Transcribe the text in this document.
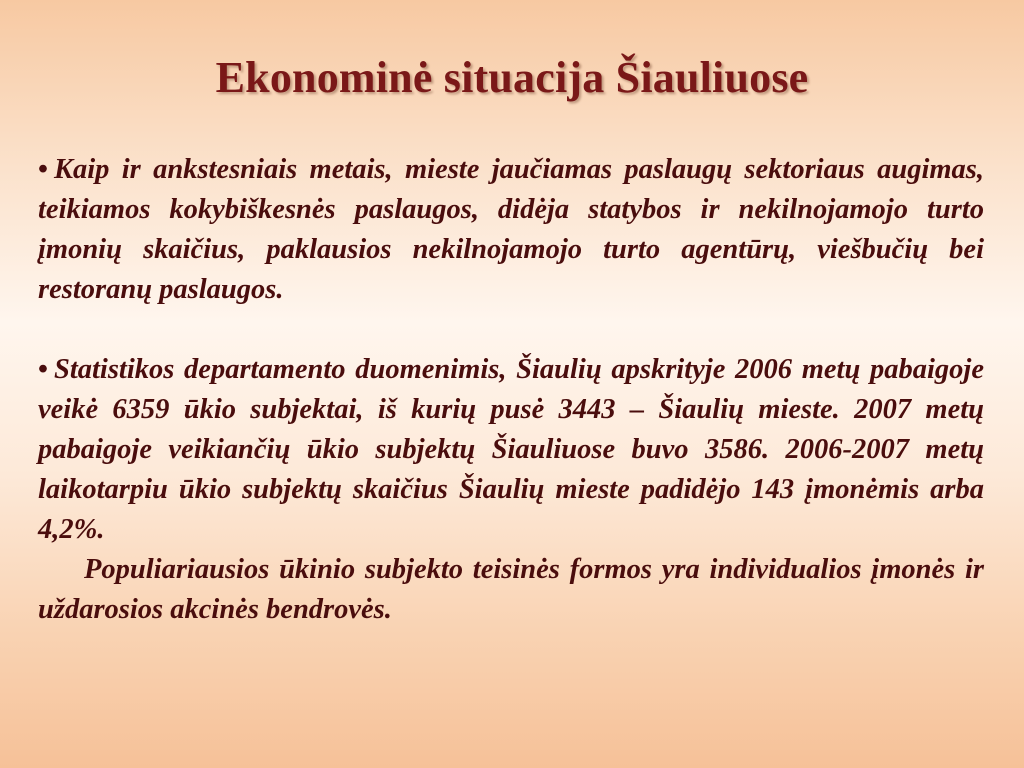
Ekonominė situacija Šiauliuose

• Kaip ir ankstesniais metais, mieste jaučiamas paslaugų sektoriaus augimas, teikiamos kokybiškesnės paslaugos, didėja statybos ir nekilnojamojo turto įmonių skaičius, paklausios nekilnojamojo turto agentūrų, viešbučių bei restoranų paslaugos.

• Statistikos departamento duomenimis, Šiaulių apskrityje 2006 metų pabaigoje veikė 6359 ūkio subjektai, iš kurių pusė 3443 – Šiaulių mieste. 2007 metų pabaigoje veikiančių ūkio subjektų Šiauliuose buvo 3586. 2006-2007 metų laikotarpiu ūkio subjektų skaičius Šiaulių mieste padidėjo 143 įmonėmis arba 4,2%.

Populiariausios ūkinio subjekto teisinės formos yra individualios įmonės ir uždarosios akcinės bendrovės.
